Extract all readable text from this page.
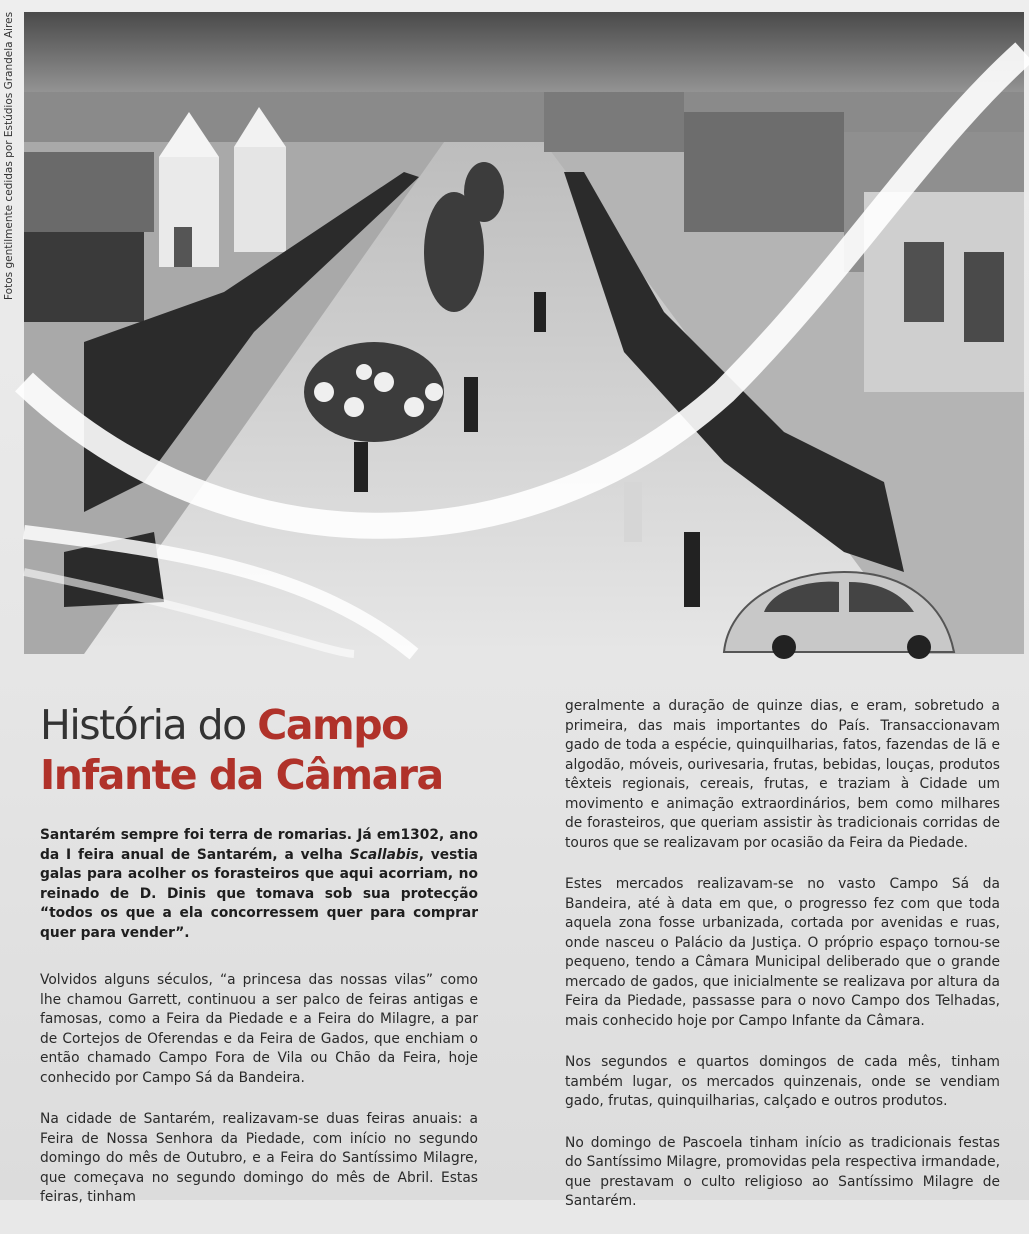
Fotos gentilmente cedidas por Estúdios Grandela Aires
História do Campo
Infante da Câmara

Santarém sempre foi terra de romarias. Já em1302, ano da I feira anual de Santarém, a velha Scallabis, vestia galas para acolher os forasteiros que aqui acorriam, no reinado de D. Dinis que tomava sob sua protecção “todos os que a ela concorressem quer para comprar quer para vender”.

Volvidos alguns séculos, “a princesa das nossas vilas” como lhe chamou Garrett, continuou a ser palco de feiras antigas e famosas, como a Feira da Piedade e a Feira do Milagre, a par de Cortejos de Oferendas e da Feira de Gados, que enchiam o então chamado Campo Fora de Vila ou Chão da Feira, hoje conhecido por Campo Sá da Bandeira.

Na cidade de Santarém, realizavam-se duas feiras anuais: a Feira de Nossa Senhora da Piedade, com início no segundo domingo do mês de Outubro, e a Feira do Santíssimo Milagre, que começava no segundo domingo do mês de Abril. Estas feiras, tinham

geralmente a duração de quinze dias, e eram, sobretudo a primeira, das mais importantes do País. Transaccionavam gado de toda a espécie, quinquilharias, fatos, fazendas de lã e algodão, móveis, ourivesaria, frutas, bebidas, louças, produtos têxteis regionais, cereais, frutas, e traziam à Cidade um movimento e animação extraordinários, bem como milhares de forasteiros, que queriam assistir às tradicionais corridas de touros que se realizavam por ocasião da Feira da Piedade.

Estes mercados realizavam-se no vasto Campo Sá da Bandeira, até à data em que, o progresso fez com que toda aquela zona fosse urbanizada, cortada por avenidas e ruas, onde nasceu o Palácio da Justiça. O próprio espaço tornou-se pequeno, tendo a Câmara Municipal deliberado que o grande mercado de gados, que inicialmente se realizava por altura da Feira da Piedade, passasse para o novo Campo dos Telhadas, mais conhecido hoje por Campo Infante da Câmara.

Nos segundos e quartos domingos de cada mês, tinham também lugar, os mercados quinzenais, onde se vendiam gado, frutas, quinquilharias, calçado e outros produtos.

No domingo de Pascoela tinham início as tradicionais festas do Santíssimo Milagre, promovidas pela respectiva irmandade, que prestavam o culto religioso ao Santíssimo Milagre de Santarém.
